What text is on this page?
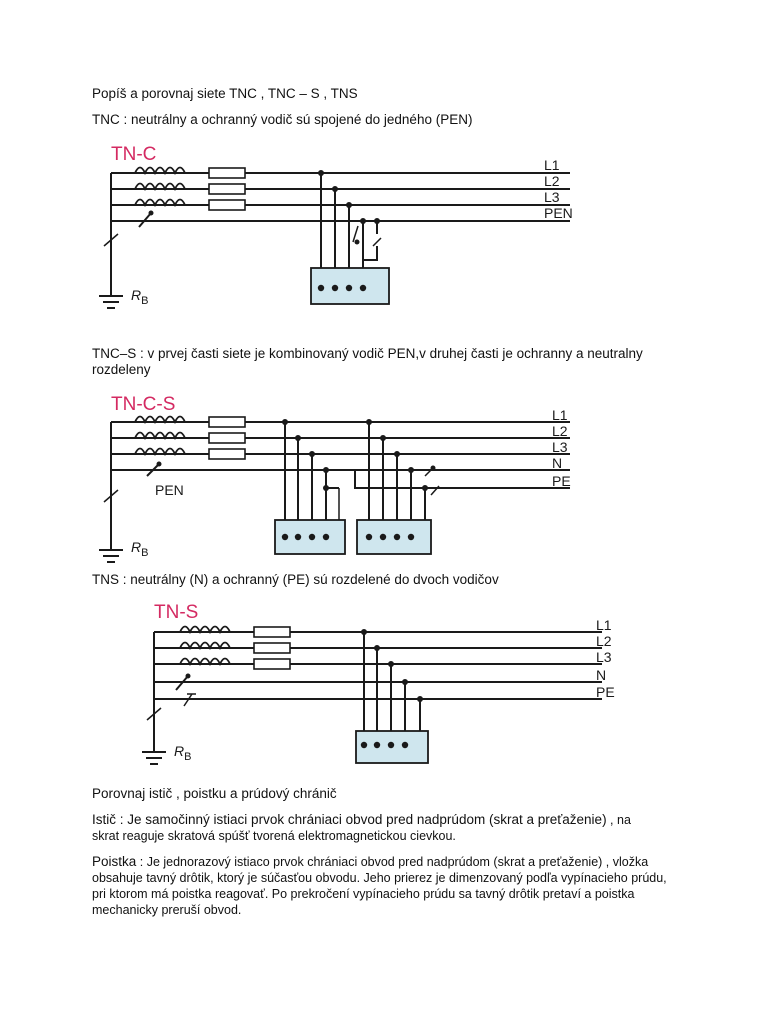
Popíš a porovnaj siete TNC , TNC – S , TNS

TNC : neutrálny a ochranný vodič sú spojené do jedného (PEN)

TN-C
$R_B$
L1
L2
L3
PEN

TNC–S : v prvej časti siete je kombinovaný vodič PEN,v druhej časti je ochranny a neutralny rozdeleny

TN-C-S
PEN
$R_B$
L1
L2
L3
N
PE

TNS : neutrálny (N) a ochranný (PE) sú rozdelené do dvoch vodičov

TN-S
$R_B$
L1
L2
L3
N
PE

Porovnaj istič , poistku a prúdový chránič

Istič : Je samočinný istiaci prvok chrániaci obvod pred nadprúdom (skrat a preťaženie) , na
skrat reaguje skratová spúšť tvorená elektromagnetickou cievkou.

Poistka : Je jednorazový istiaco prvok chrániaci obvod pred nadprúdom (skrat a preťaženie) , vložka obsahuje tavný drôtik, ktorý je súčasťou obvodu. Jeho prierez je dimenzovaný podľa vypínacieho prúdu, pri ktorom má poistka reagovať. Po prekročení vypínacieho prúdu sa tavný drôtik pretaví a poistka mechanicky preruší obvod.
